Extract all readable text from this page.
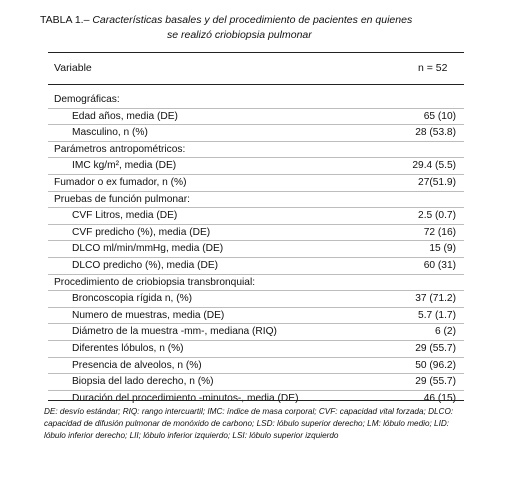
TABLA 1.– Características basales y del procedimiento de pacientes en quienes
se realizó criobiopsia pulmonar
Variable	n = 52
Demográficas:
Edad años, media (DE)	65 (10)
Masculino, n (%)	28 (53.8)
Parámetros antropométricos:
IMC kg/m², media (DE)	29.4 (5.5)
Fumador o ex fumador, n (%)	27(51.9)
Pruebas de función pulmonar:
CVF Litros, media (DE)	2.5 (0.7)
CVF predicho (%), media (DE)	72 (16)
DLCO ml/min/mmHg, media (DE)	15 (9)
DLCO predicho (%), media (DE)	60 (31)
Procedimiento de criobiopsia transbronquial:
Broncoscopia rígida n, (%)	37 (71.2)
Numero de muestras, media (DE)	5.7 (1.7)
Diámetro de la muestra -mm-, mediana (RIQ)	6 (2)
Diferentes lóbulos, n (%)	29 (55.7)
Presencia de alveolos, n (%)	50 (96.2)
Biopsia del lado derecho, n (%)	29 (55.7)
Duración del procedimiento -minutos-, media (DE)	46 (15)
DE: desvío estándar; RIQ: rango intercuartil; IMC: índice de masa corporal; CVF: capacidad vital forzada; DLCO: capacidad de difusión pulmonar de monóxido de carbono; LSD: lóbulo superior derecho; LM: lóbulo medio; LID: lóbulo inferior derecho; LII; lóbulo inferior izquierdo; LSI: lóbulo superior izquierdo
